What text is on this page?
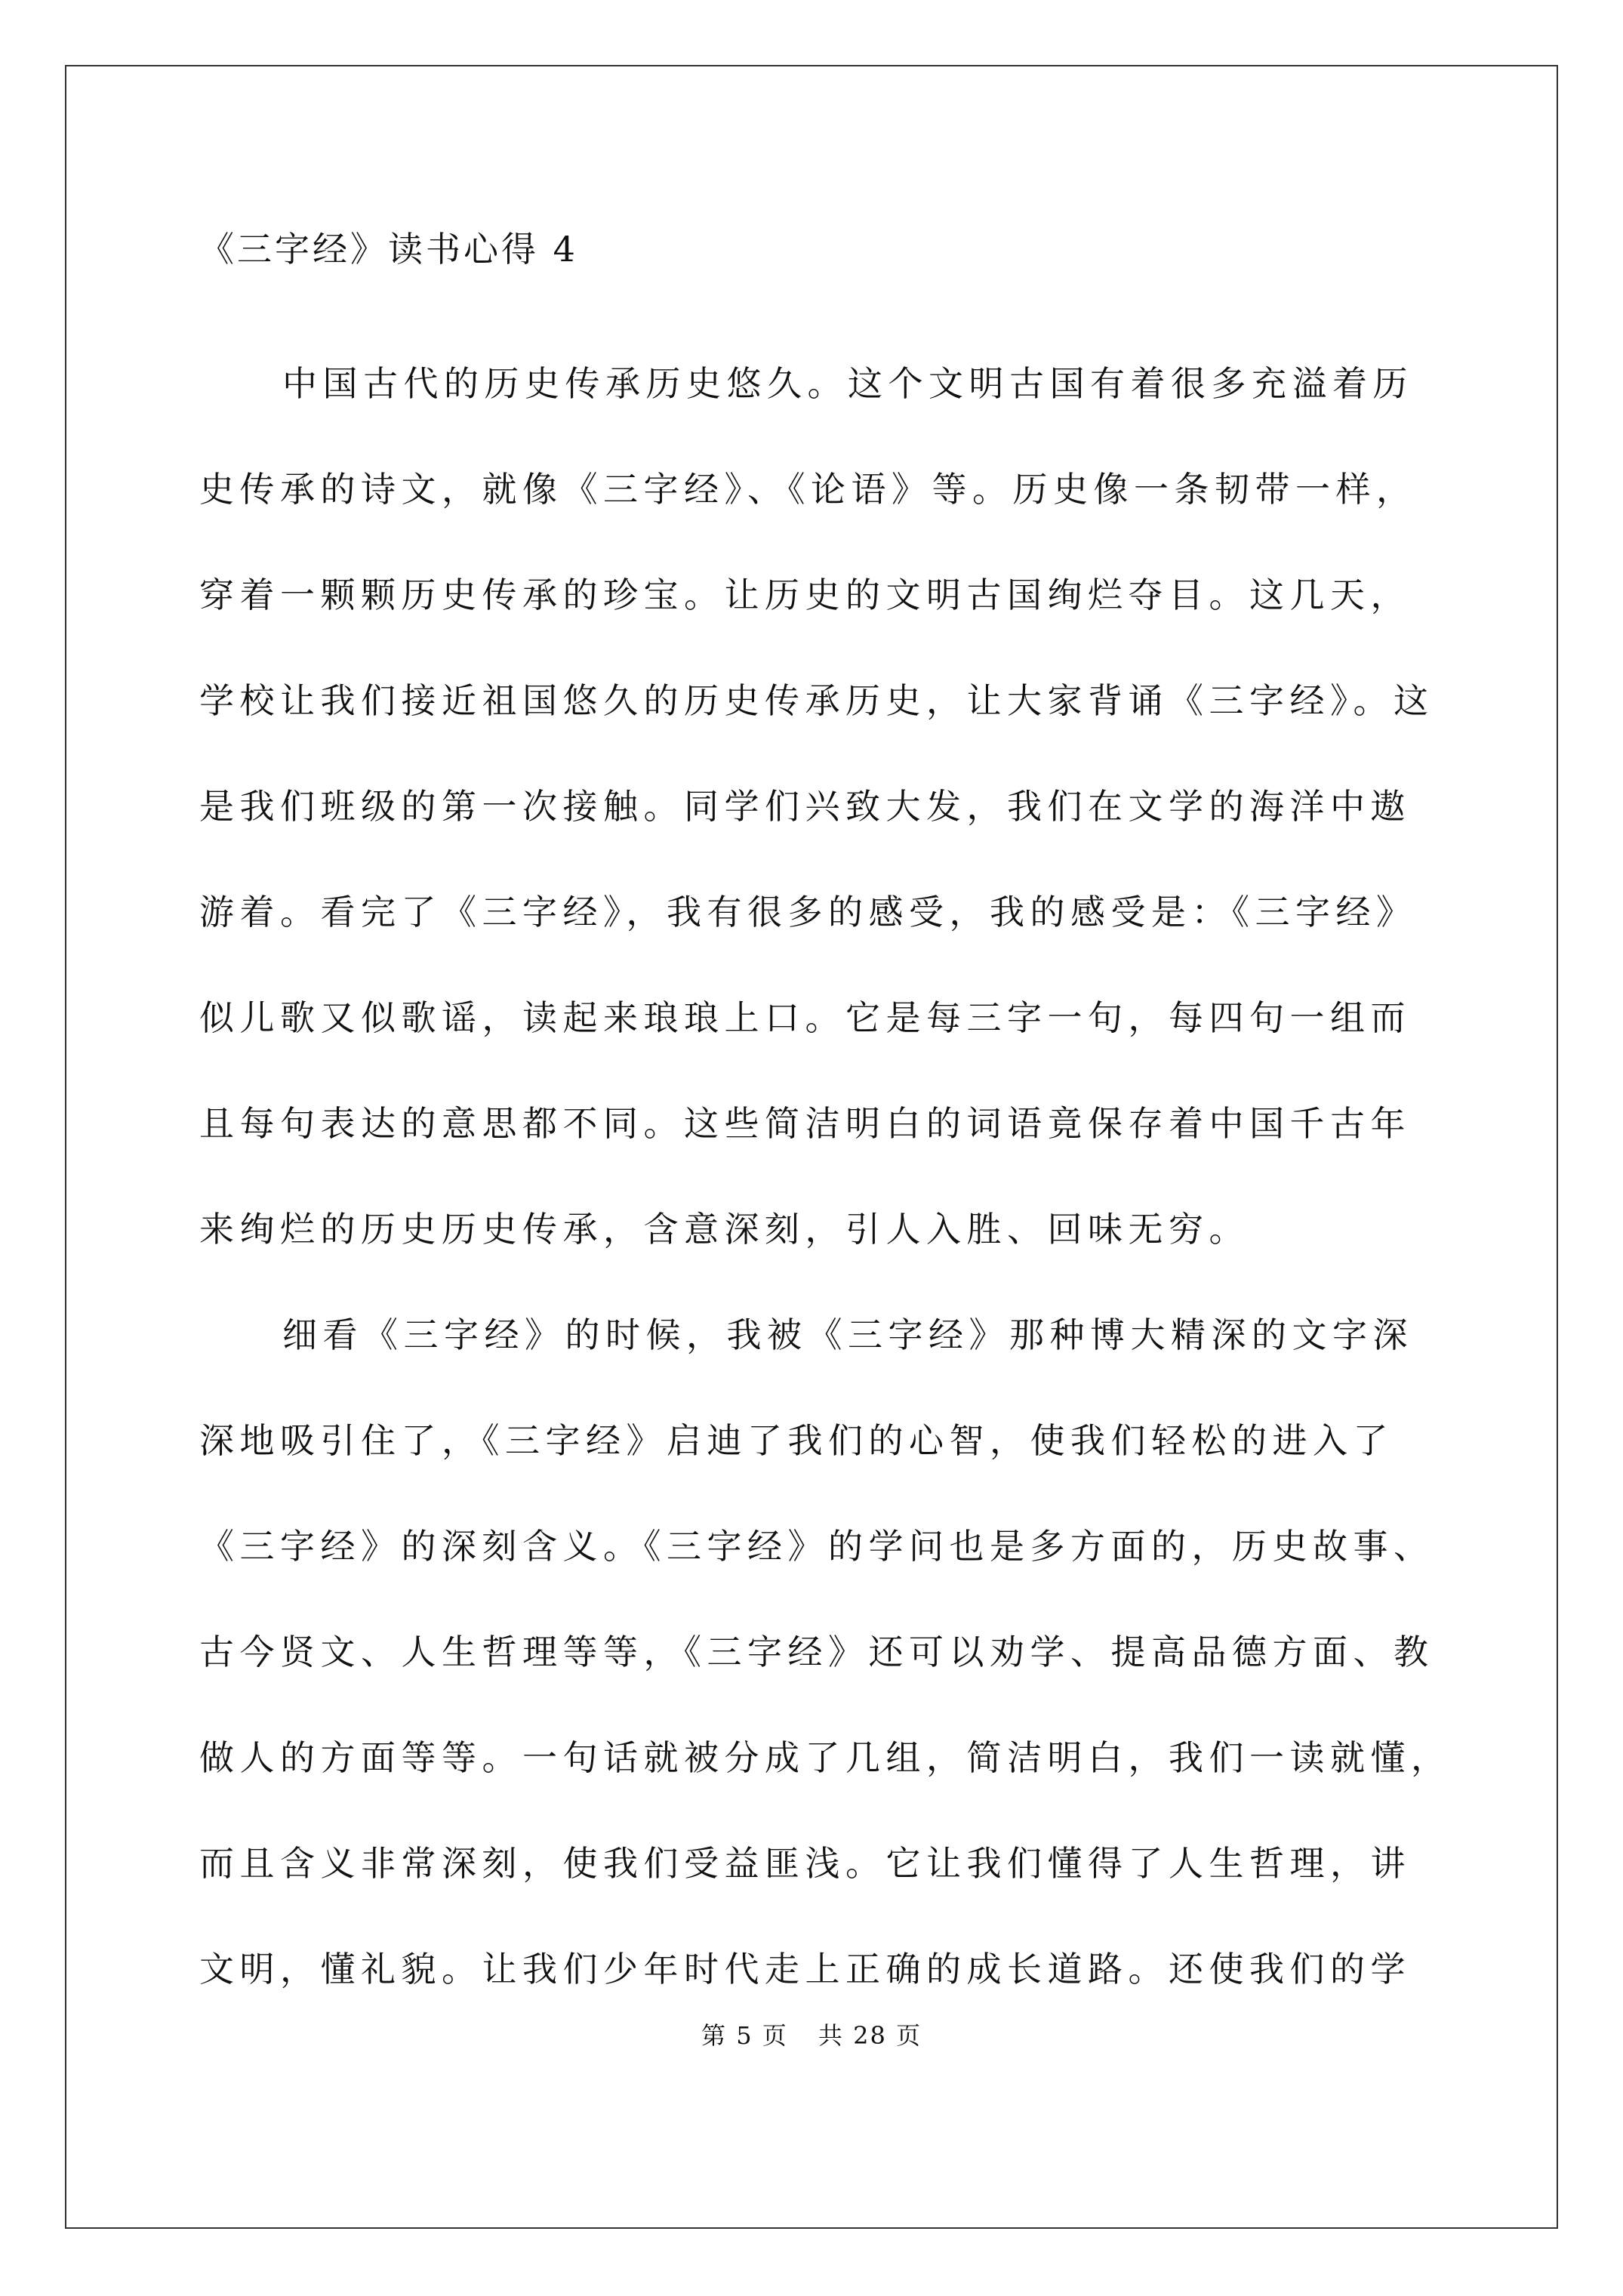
《三字经》读书心得 4
中国古代的历史传承历史悠久。这个文明古国有着很多充溢着历
史传承的诗文，就像《三字经》、《论语》等。历史像一条韧带一样，
穿着一颗颗历史传承的珍宝。让历史的文明古国绚烂夺目。这几天，
学校让我们接近祖国悠久的历史传承历史，让大家背诵《三字经》。这
是我们班级的第一次接触。同学们兴致大发，我们在文学的海洋中遨
游着。看完了《三字经》，我有很多的感受，我的感受是：《三字经》
似儿歌又似歌谣，读起来琅琅上口。它是每三字一句，每四句一组而
且每句表达的意思都不同。这些简洁明白的词语竟保存着中国千古年
来绚烂的历史历史传承，含意深刻，引人入胜、回味无穷。
细看《三字经》的时候，我被《三字经》那种博大精深的文字深
深地吸引住了，《三字经》启迪了我们的心智，使我们轻松的进入了
《三字经》的深刻含义。《三字经》的学问也是多方面的，历史故事、
古今贤文、人生哲理等等，《三字经》还可以劝学、提高品德方面、教
做人的方面等等。一句话就被分成了几组，简洁明白，我们一读就懂，
而且含义非常深刻，使我们受益匪浅。它让我们懂得了人生哲理，讲
文明，懂礼貌。让我们少年时代走上正确的成长道路。还使我们的学
第 5 页 共 28 页
